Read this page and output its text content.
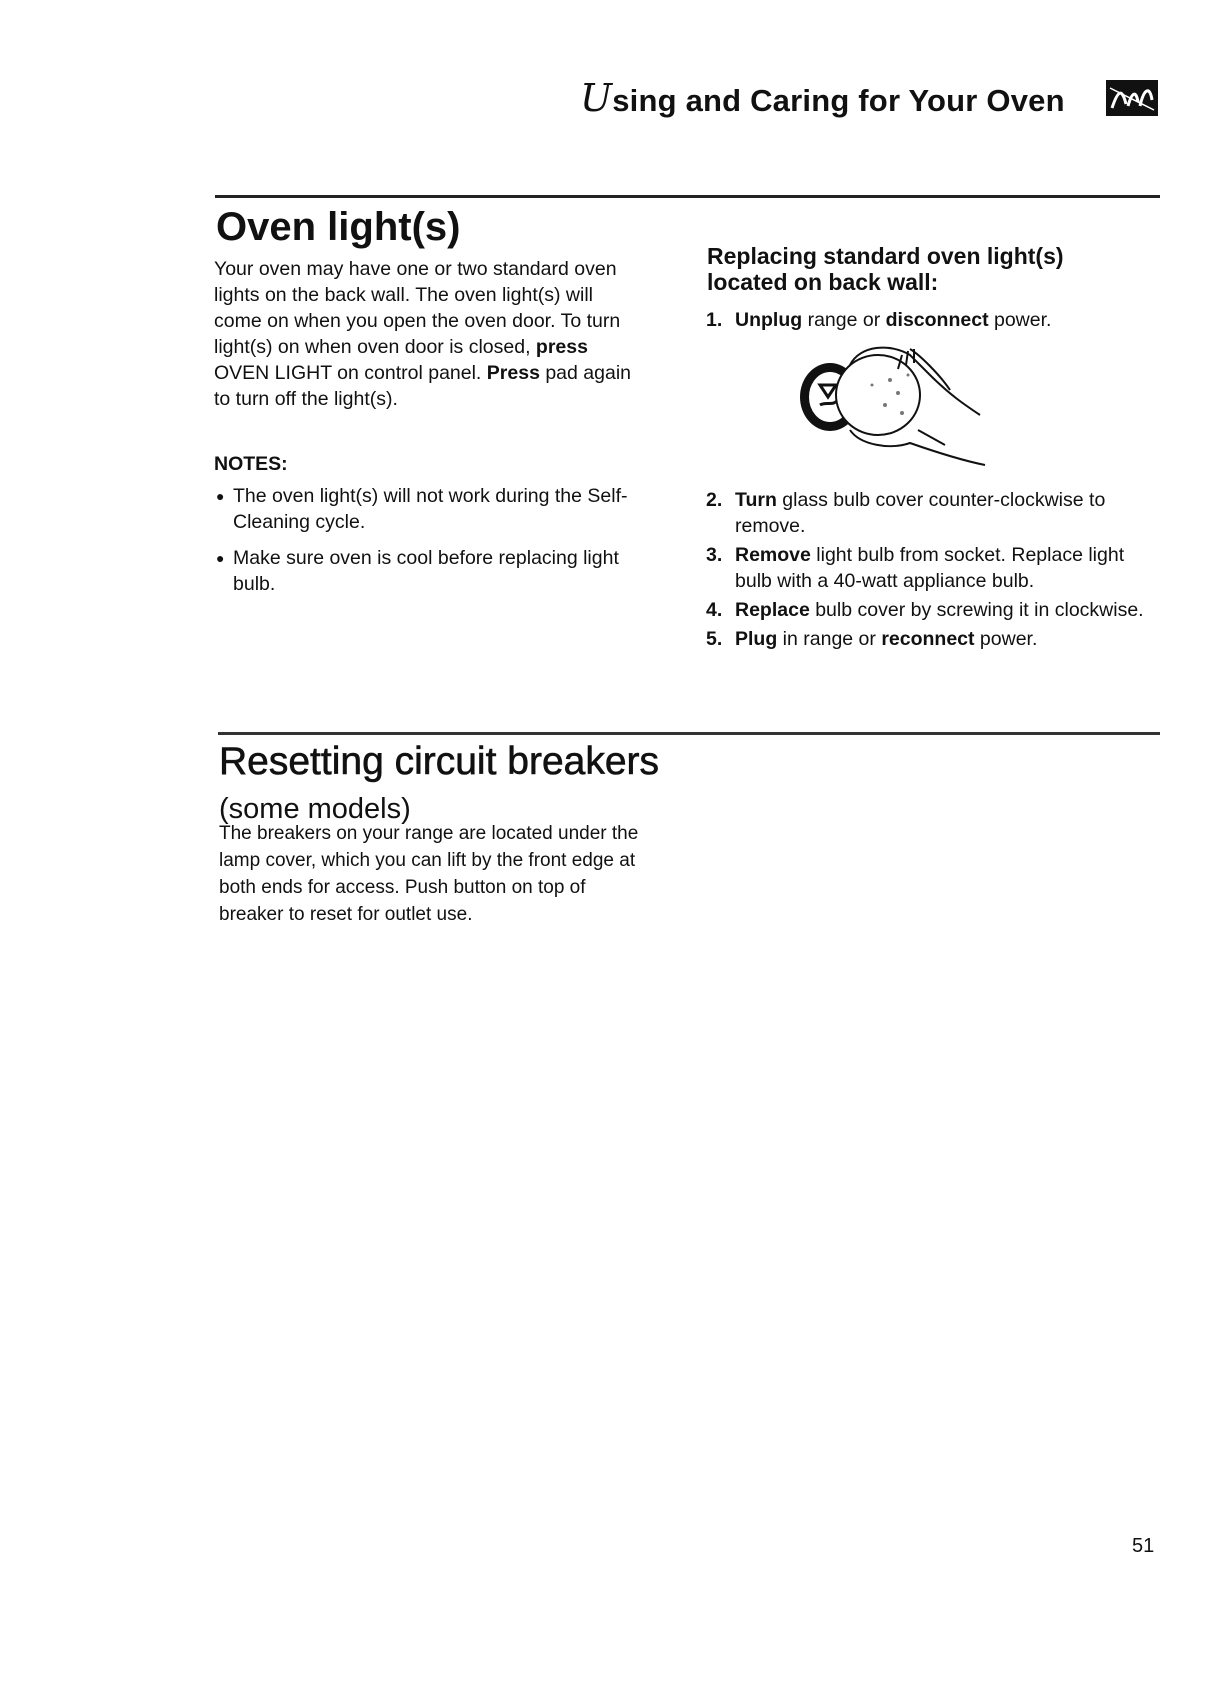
Using and Caring for Your Oven
Oven light(s)

Your oven may have one or two standard oven lights on the back wall. The oven light(s) will come on when you open the oven door. To turn light(s) on when oven door is closed, press OVEN LIGHT on control panel. Press pad again to turn off the light(s).

NOTES:

● The oven light(s) will not work during the Self-Cleaning cycle.
● Make sure oven is cool before replacing light bulb.
Replacing standard oven light(s) located on back wall:
1. Unplug range or disconnect power.
2. Turn glass bulb cover counter-clockwise to remove.
3. Remove light bulb from socket. Replace light bulb with a 40-watt appliance bulb.
4. Replace bulb cover by screwing it in clockwise.
5. Plug in range or reconnect power.
Resetting circuit breakers

(some models)

The breakers on your range are located under the lamp cover, which you can lift by the front edge at both ends for access. Push button on top of breaker to reset for outlet use.

51
